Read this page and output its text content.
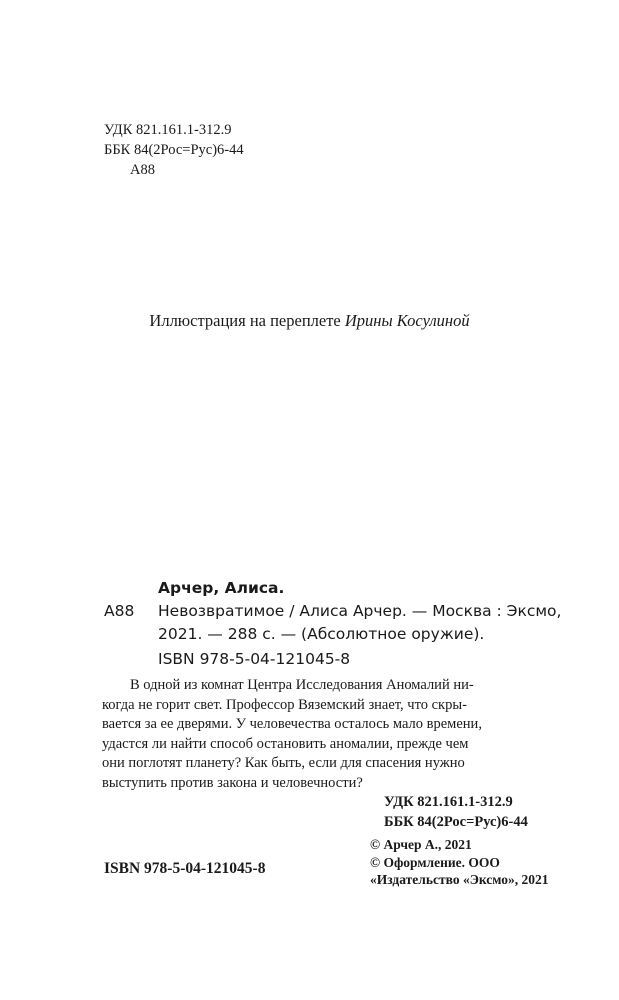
УДК 821.161.1-312.9
ББК 84(2Рос=Рус)6-44
А88
Иллюстрация на переплете Ирины Косулиной
Арчер, Алиса.
А88 Невозвратимое / Алиса Арчер. — Москва : Эксмо,
2021. — 288 с. — (Абсолютное оружие).
ISBN 978-5-04-121045-8
В одной из комнат Центра Исследования Аномалий ни-
когда не горит свет. Профессор Вяземский знает, что скры-
вается за ее дверями. У человечества осталось мало времени,
удастся ли найти способ остановить аномалии, прежде чем
они поглотят планету? Как быть, если для спасения нужно
выступить против закона и человечности?
УДК 821.161.1-312.9
ББК 84(2Рос=Рус)6-44
© Арчер А., 2021
© Оформление. ООО
«Издательство «Эксмо», 2021
ISBN 978-5-04-121045-8
